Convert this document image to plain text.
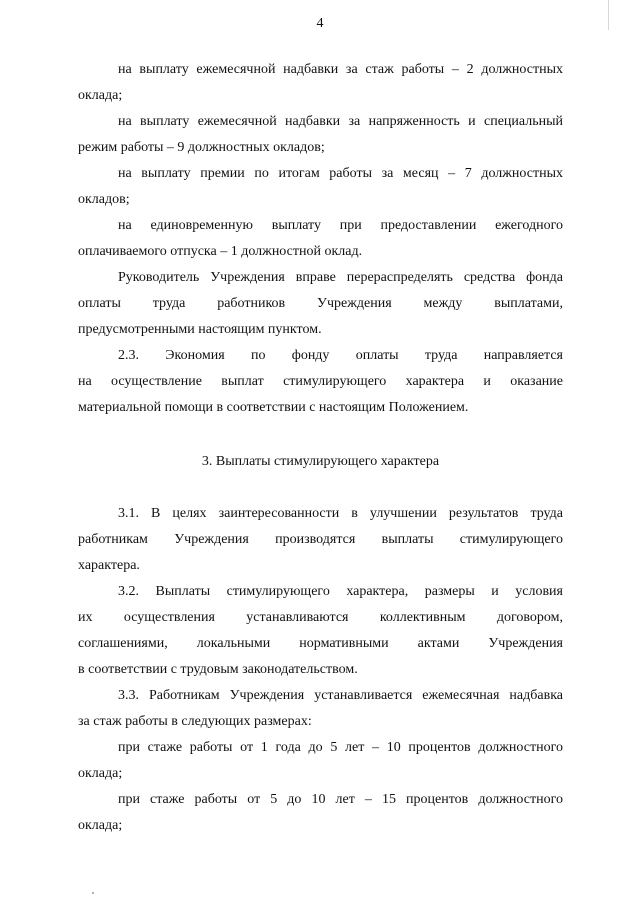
4
на выплату ежемесячной надбавки за стаж работы – 2 должностных
оклада;
на выплату ежемесячной надбавки за напряженность и специальный
режим работы – 9 должностных окладов;
на выплату премии по итогам работы за месяц – 7 должностных
окладов;
на единовременную выплату при предоставлении ежегодного
оплачиваемого отпуска – 1 должностной оклад.
Руководитель Учреждения вправе перераспределять средства фонда
оплаты труда работников Учреждения между выплатами,
предусмотренными настоящим пунктом.
2.3. Экономия по фонду оплаты труда направляется
на осуществление выплат стимулирующего характера и оказание
материальной помощи в соответствии с настоящим Положением.
3. Выплаты стимулирующего характера
3.1. В целях заинтересованности в улучшении результатов труда
работникам Учреждения производятся выплаты стимулирующего
характера.
3.2. Выплаты стимулирующего характера, размеры и условия
их осуществления устанавливаются коллективным договором,
соглашениями, локальными нормативными актами Учреждения
в соответствии с трудовым законодательством.
3.3. Работникам Учреждения устанавливается ежемесячная надбавка
за стаж работы в следующих размерах:
при стаже работы от 1 года до 5 лет – 10 процентов должностного
оклада;
при стаже работы от 5 до 10 лет – 15 процентов должностного
оклада;
